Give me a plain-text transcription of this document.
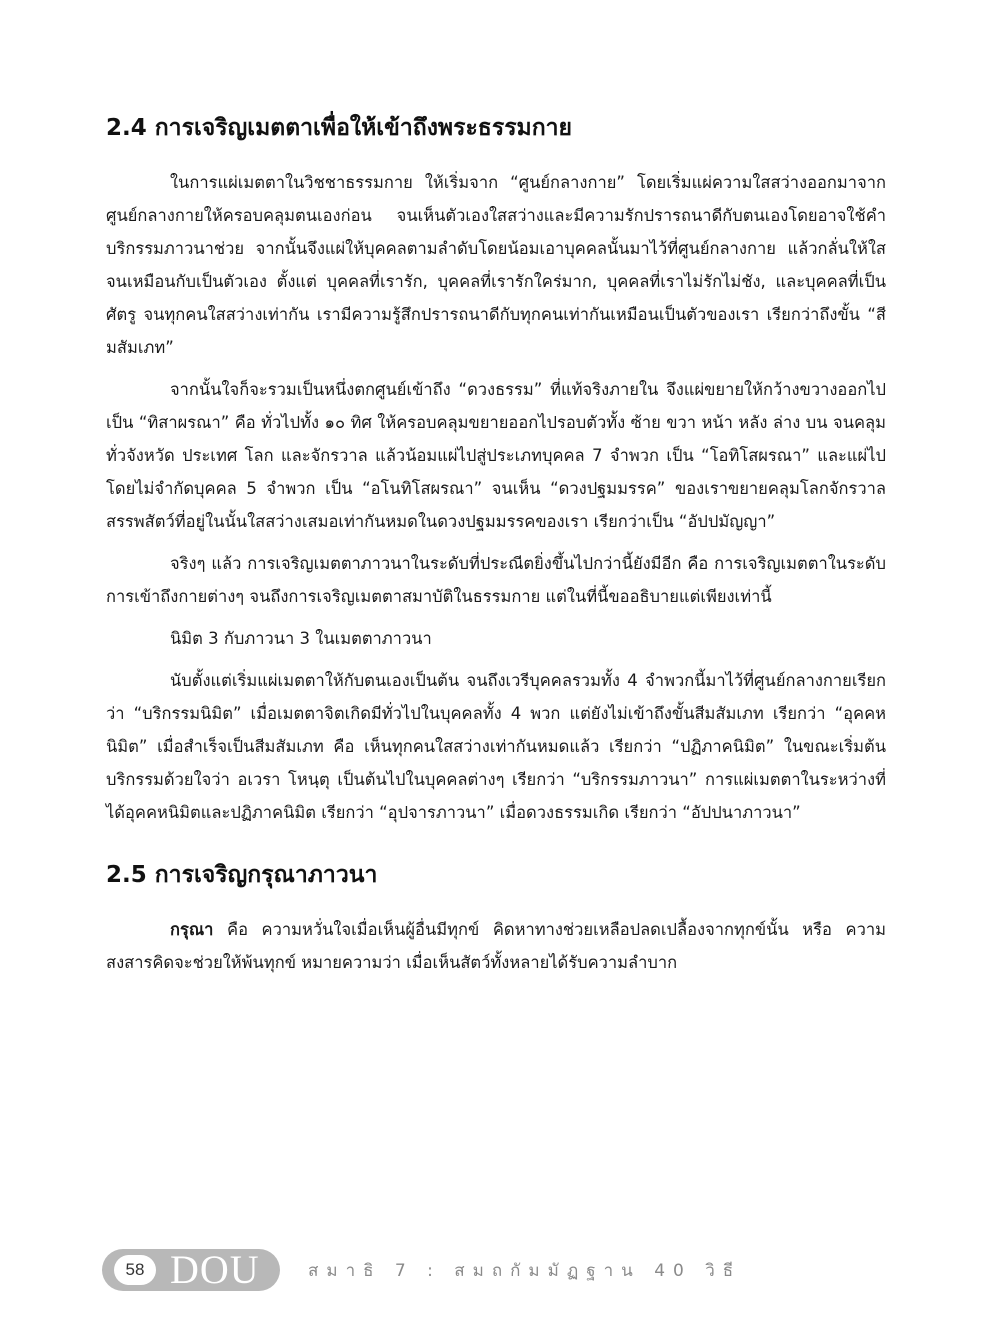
2.4 การเจริญเมตตาเพื่อให้เข้าถึงพระธรรมกาย

ในการแผ่เมตตาในวิชชาธรรมกาย ให้เริ่มจาก “ศูนย์กลางกาย” โดยเริ่มแผ่ความใสสว่างออกมาจากศูนย์กลางกายให้ครอบคลุมตนเองก่อน จนเห็นตัวเองใสสว่างและมีความรักปรารถนาดีกับตนเองโดยอาจใช้คำบริกรรมภาวนาช่วย จากนั้นจึงแผ่ให้บุคคลตามลำดับโดยน้อมเอาบุคคลนั้นมาไว้ที่ศูนย์กลางกาย แล้วกลั่นให้ใสจนเหมือนกับเป็นตัวเอง ตั้งแต่ บุคคลที่เรารัก, บุคคลที่เรารักใคร่มาก, บุคคลที่เราไม่รักไม่ชัง, และบุคคลที่เป็นศัตรู จนทุกคนใสสว่างเท่ากัน เรามีความรู้สึกปรารถนาดีกับทุกคนเท่ากันเหมือนเป็นตัวของเรา เรียกว่าถึงขั้น “สีมสัมเภท”

จากนั้นใจก็จะรวมเป็นหนึ่งตกศูนย์เข้าถึง “ดวงธรรม” ที่แท้จริงภายใน จึงแผ่ขยายให้กว้างขวางออกไปเป็น “ทิสาผรณา” คือ ทั่วไปทั้ง ๑๐ ทิศ ให้ครอบคลุมขยายออกไปรอบตัวทั้ง ซ้าย ขวา หน้า หลัง ล่าง บน จนคลุมทั่วจังหวัด ประเทศ โลก และจักรวาล แล้วน้อมแผ่ไปสู่ประเภทบุคคล 7 จำพวก เป็น “โอทิโสผรณา” และแผ่ไปโดยไม่จำกัดบุคคล 5 จำพวก เป็น “อโนทิโสผรณา” จนเห็น “ดวงปฐมมรรค” ของเราขยายคลุมโลกจักรวาล สรรพสัตว์ที่อยู่ในนั้นใสสว่างเสมอเท่ากันหมดในดวงปฐมมรรคของเรา เรียกว่าเป็น “อัปปมัญญา”

จริงๆ แล้ว การเจริญเมตตาภาวนาในระดับที่ประณีตยิ่งขึ้นไปกว่านี้ยังมีอีก คือ การเจริญเมตตาในระดับการเข้าถึงกายต่างๆ จนถึงการเจริญเมตตาสมาบัติในธรรมกาย แต่ในที่นี้ขออธิบายแต่เพียงเท่านี้

นิมิต 3 กับภาวนา 3 ในเมตตาภาวนา

นับตั้งแต่เริ่มแผ่เมตตาให้กับตนเองเป็นต้น จนถึงเวรีบุคคลรวมทั้ง 4 จำพวกนี้มาไว้ที่ศูนย์กลางกายเรียกว่า “บริกรรมนิมิต” เมื่อเมตตาจิตเกิดมีทั่วไปในบุคคลทั้ง 4 พวก แต่ยังไม่เข้าถึงขั้นสีมสัมเภท เรียกว่า “อุคคหนิมิต” เมื่อสำเร็จเป็นสีมสัมเภท คือ เห็นทุกคนใสสว่างเท่ากันหมดแล้ว เรียกว่า “ปฏิภาคนิมิต” ในขณะเริ่มต้นบริกรรมด้วยใจว่า อเวรา โหนฺตุ เป็นต้นไปในบุคคลต่างๆ เรียกว่า “บริกรรมภาวนา” การแผ่เมตตาในระหว่างที่ได้อุคคหนิมิตและปฏิภาคนิมิต เรียกว่า “อุปจารภาวนา” เมื่อดวงธรรมเกิด เรียกว่า “อัปปนาภาวนา”

2.5 การเจริญกรุณาภาวนา

กรุณา คือ ความหวั่นใจเมื่อเห็นผู้อื่นมีทุกข์ คิดหาทางช่วยเหลือปลดเปลื้องจากทุกข์นั้น หรือ ความสงสารคิดจะช่วยให้พ้นทุกข์ หมายความว่า เมื่อเห็นสัตว์ทั้งหลายได้รับความลำบาก

58 DOU	สมาธิ 7 : สมถกัมมัฏฐาน 40 วิธี
